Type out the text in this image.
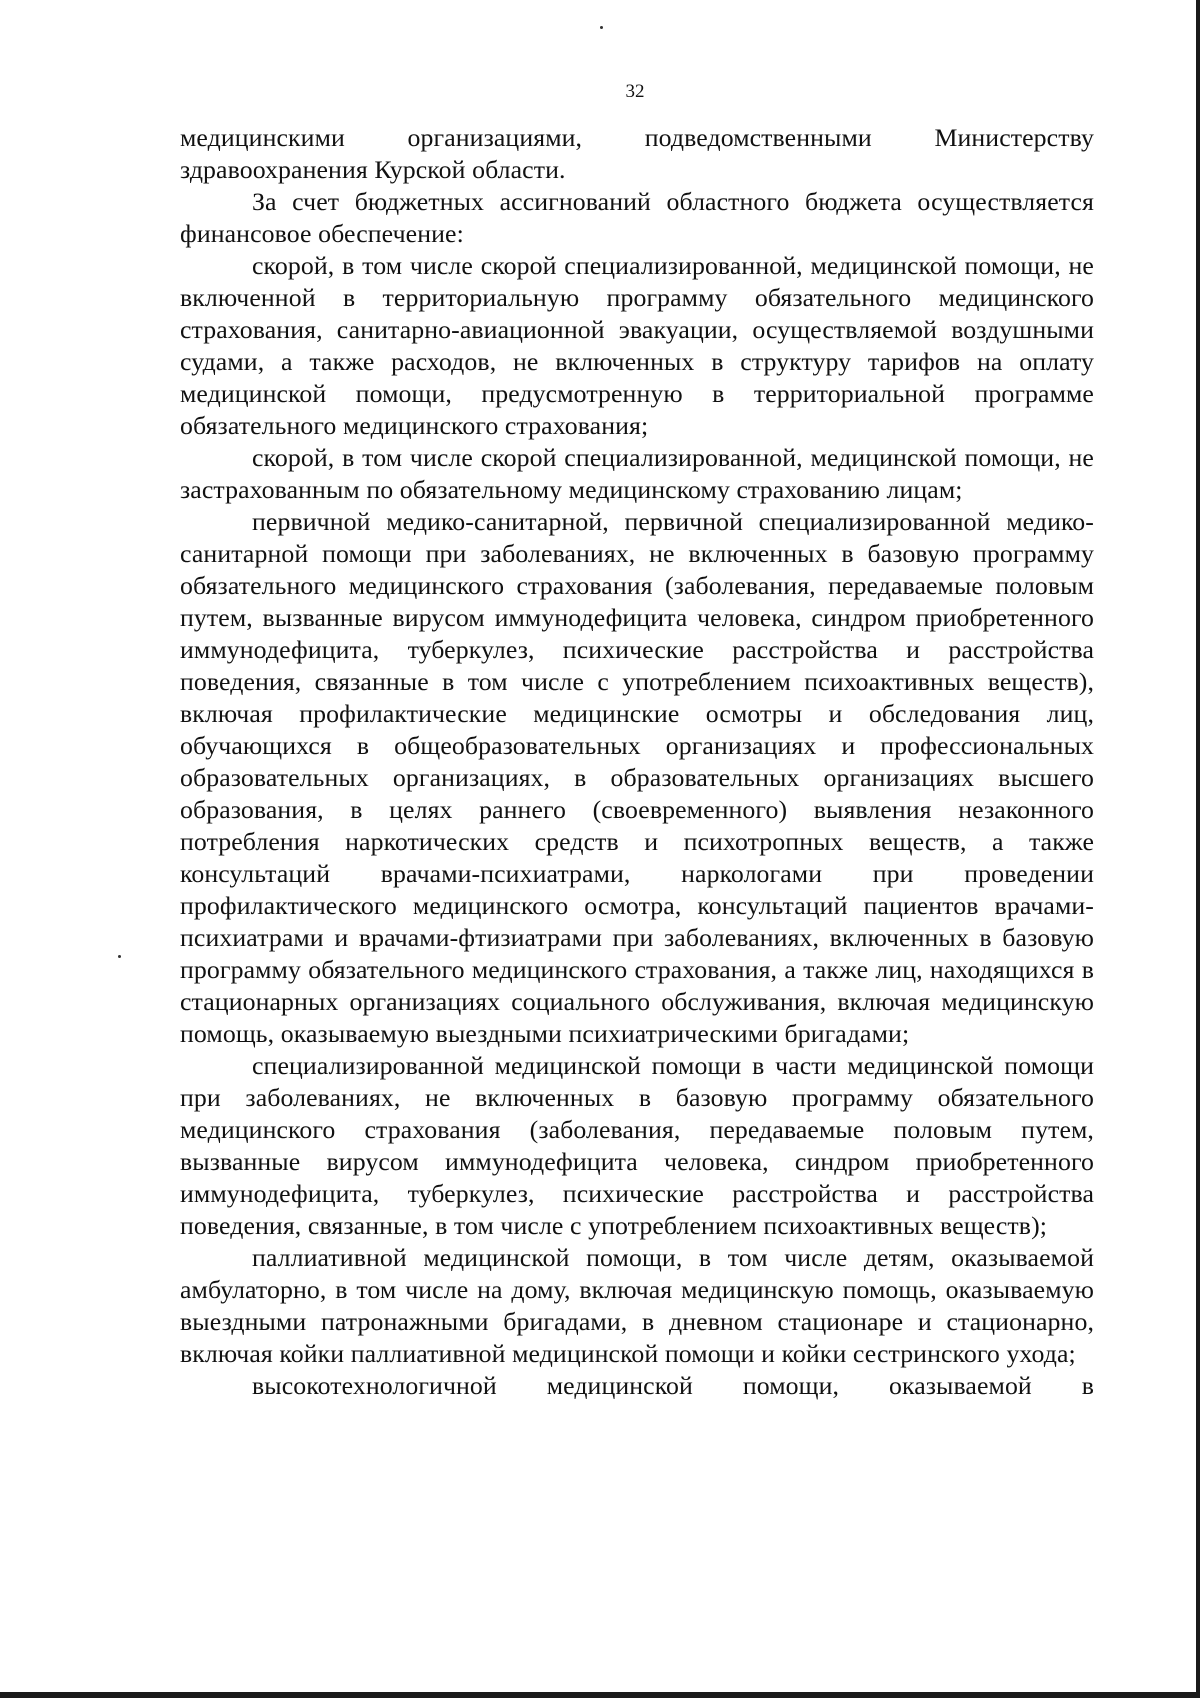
32

медицинскими организациями, подведомственными Министерству здравоохранения Курской области.

За счет бюджетных ассигнований областного бюджета осуществляется финансовое обеспечение:

скорой, в том числе скорой специализированной, медицинской помощи, не включенной в территориальную программу обязательного медицинского страхования, санитарно-авиационной эвакуации, осуществляемой воздушными судами, а также расходов, не включенных в структуру тарифов на оплату медицинской помощи, предусмотренную в территориальной программе обязательного медицинского страхования;

скорой, в том числе скорой специализированной, медицинской помощи, не застрахованным по обязательному медицинскому страхованию лицам;

первичной медико-санитарной, первичной специализированной медико-санитарной помощи при заболеваниях, не включенных в базовую программу обязательного медицинского страхования (заболевания, передаваемые половым путем, вызванные вирусом иммунодефицита человека, синдром приобретенного иммунодефицита, туберкулез, психические расстройства и расстройства поведения, связанные в том числе с употреблением психоактивных веществ), включая профилактические медицинские осмотры и обследования лиц, обучающихся в общеобразовательных организациях и профессиональных образовательных организациях, в образовательных организациях высшего образования, в целях раннего (своевременного) выявления незаконного потребления наркотических средств и психотропных веществ, а также консультаций врачами-психиатрами, наркологами при проведении профилактического медицинского осмотра, консультаций пациентов врачами-психиатрами и врачами-фтизиатрами при заболеваниях, включенных в базовую программу обязательного медицинского страхования, а также лиц, находящихся в стационарных организациях социального обслуживания, включая медицинскую помощь, оказываемую выездными психиатрическими бригадами;

специализированной медицинской помощи в части медицинской помощи при заболеваниях, не включенных в базовую программу обязательного медицинского страхования (заболевания, передаваемые половым путем, вызванные вирусом иммунодефицита человека, синдром приобретенного иммунодефицита, туберкулез, психические расстройства и расстройства поведения, связанные, в том числе с употреблением психоактивных веществ);

паллиативной медицинской помощи, в том числе детям, оказываемой амбулаторно, в том числе на дому, включая медицинскую помощь, оказываемую выездными патронажными бригадами, в дневном стационаре и стационарно, включая койки паллиативной медицинской помощи и койки сестринского ухода;

высокотехнологичной медицинской помощи, оказываемой в
